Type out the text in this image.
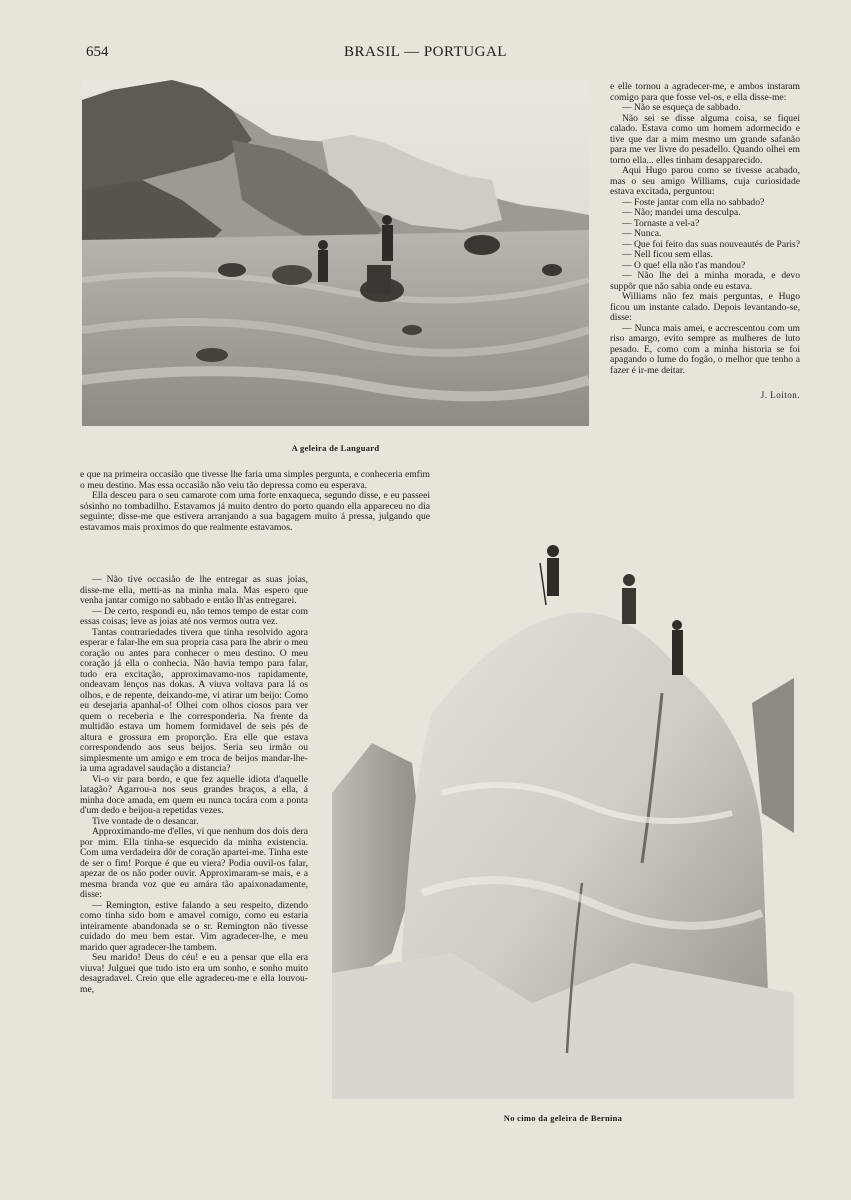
654	BRASIL — PORTUGAL
A geleira de Languard

e elle tornou a agradecer-me, e ambos instaram comigo para que fosse vel-os, e ella disse-me:

— Não se esqueça de sabbado.

Não sei se disse alguma coisa, se fiquei calado. Estava como um homem adormecido e tive que dar a mim mesmo um grande safanão para me ver livre do pesadello. Quando olhei em torno ella... elles tinham desapparecido.

Aqui Hugo parou como se tivesse acabado, mas o seu amigo Williams, cuja curiosidade estava excitada, perguntou:

— Foste jantar com ella no sabbado?

— Não; mandei uma desculpa.

— Tornaste a vel-a?

— Nunca.

— Que foi feito das suas nouveautés de Paris?

— Nell ficou sem ellas.

— O que! ella não t'as mandou?

— Não lhe dei a minha morada, e devo suppôr que não sabia onde eu estava.

Williams não fez mais perguntas, e Hugo ficou um instante calado. Depois levantando-se, disse:

— Nunca mais amei, e accrescentou com um riso amargo, evito sempre as mulheres de luto pesado. E, como com a minha historia se foi apagando o lume do fogão, o melhor que tenho a fazer é ir-me deitar.

J. Loiton.

e que na primeira occasião que tivesse lhe faria uma simples pergunta, e conheceria emfim o meu destino. Mas essa occasião não veiu tão depressa como eu esperava.

Ella desceu para o seu camarote com uma forte enxaqueca, segundo disse, e eu passeei sósinho no tombadilho. Estavamos já muito dentro do porto quando ella appareceu no dia seguinte; disse-me que estivera arranjando a sua bagagem muito á pressa, julgando que estavamos mais proximos do que realmente estavamos.

— Não tive occasião de lhe entregar as suas joias, disse-me ella, metti-as na minha mala. Mas espero que venha jantar comigo no sabbado e então lh'as entregarei.

— De certo, respondi eu, não temos tempo de estar com essas coisas; leve as joias até nos vermos outra vez.

Tantas contrariedades tivera que tinha resolvido agora esperar e falar-lhe em sua propria casa para lhe abrir o meu coração ou antes para conhecer o meu destino. O meu coração já ella o conhecia. Não havia tempo para falar, tudo era excitação, approximavamo-nos rapidamente, ondeavam lenços nas dokas. A viuva voltava para lá os olhos, e de repente, deixando-me, vi atirar um beijo: Como eu desejaria apanhal-o! Olhei com olhos ciosos para ver quem o receberia e lhe corresponderia. Na frente da multidão estava um homem formidavel de seis pés de altura e grossura em proporção. Era elle que estava correspondendo aos seus beijos. Seria seu irmão ou simplesmente um amigo e em troca de beijos mandar-lhe-ia uma agradavel saudação a distancia?

Vi-o vir para bordo, e que fez aquelle idiota d'aquelle latagão? Agarrou-a nos seus grandes braços, a ella, á minha doce amada, em quem eu nunca tocára com a ponta d'um dedo e beijou-a repetidas vezes.

Tive vontade de o desancar.

Approximando-me d'elles, vi que nenhum dos dois dera por mim. Ella tinha-se esquecido da minha existencia. Com uma verdadeira dôr de coração apartei-me. Tinha este de ser o fim! Porque é que eu viera? Podia ouvil-os falar, apezar de os não poder ouvir. Approximaram-se mais, e a mesma branda voz que eu amára tão apaixonadamente, disse:

— Remington, estive falando a seu respeito, dizendo como tinha sido bom e amavel comigo, como eu estaria inteiramente abandonada se o sr. Remington não tivesse cuidado do meu bem estar. Vim agradecer-lhe, e meu marido quer agradecer-lhe tambem.

Seu marido! Deus do céu! e eu a pensar que ella era viuva! Julguei que tudo isto era um sonho, e sonho muito desagradavel. Creio que elle agradeceu-me e ella louvou-me,

No cimo da geleira de Bernina
